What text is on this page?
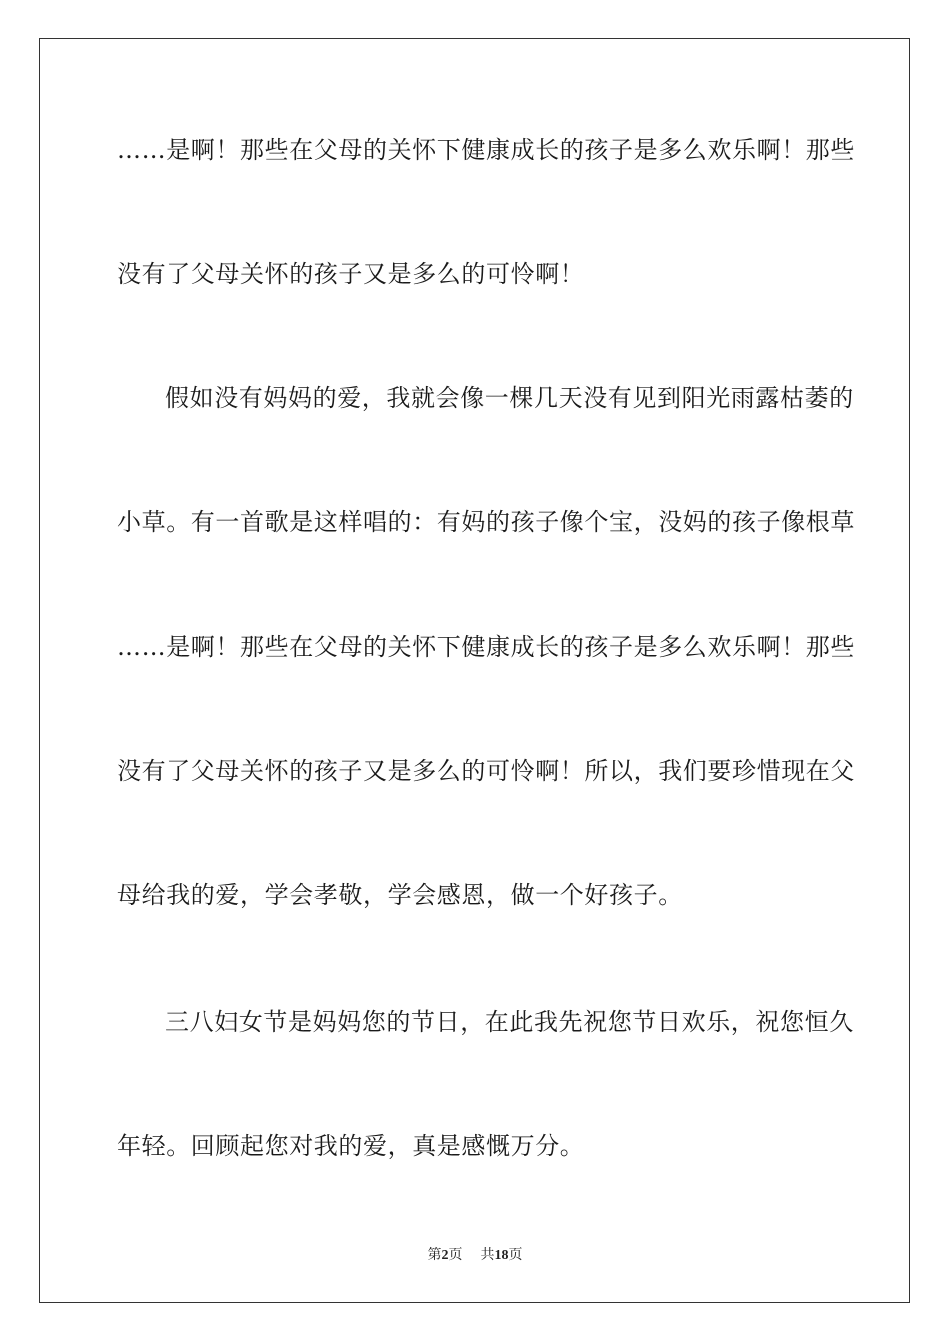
……是啊！那些在父母的关怀下健康成长的孩子是多么欢乐啊！那些
没有了父母关怀的孩子又是多么的可怜啊！
假如没有妈妈的爱，我就会像一棵几天没有见到阳光雨露枯萎的
小草。有一首歌是这样唱的：有妈的孩子像个宝，没妈的孩子像根草
……是啊！那些在父母的关怀下健康成长的孩子是多么欢乐啊！那些
没有了父母关怀的孩子又是多么的可怜啊！所以，我们要珍惜现在父
母给我的爱，学会孝敬，学会感恩，做一个好孩子。
三八妇女节是妈妈您的节日，在此我先祝您节日欢乐，祝您恒久
年轻。回顾起您对我的爱，真是感慨万分。
第2页 共18页
